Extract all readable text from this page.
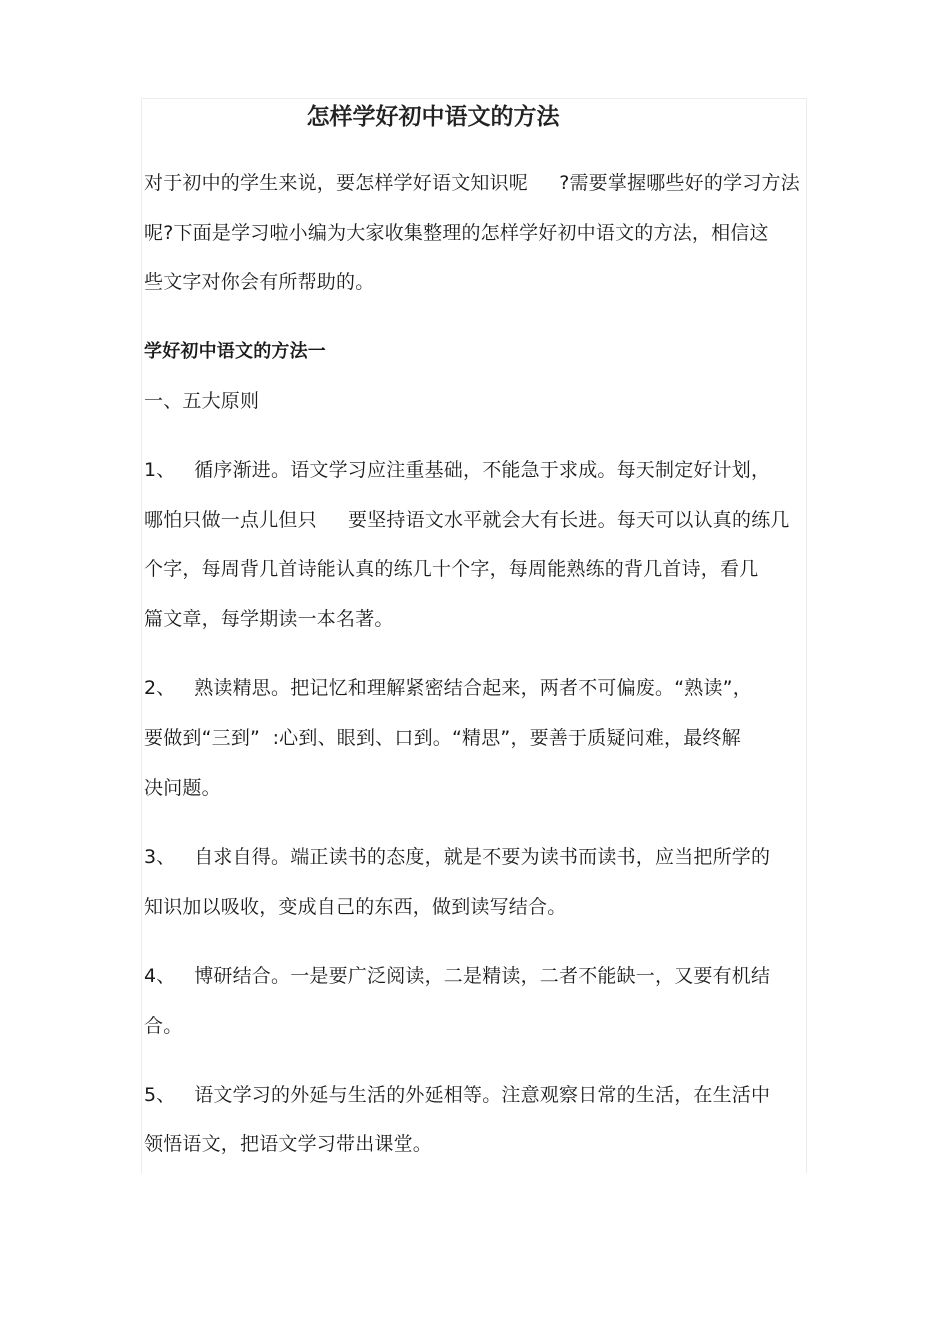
怎样学好初中语文的方法
对于初中的学生来说，要怎样学好语文知识呢     ?需要掌握哪些好的学习方法
呢?下面是学习啦小编为大家收集整理的怎样学好初中语文的方法，相信这
些文字对你会有所帮助的。
学好初中语文的方法一
一、五大原则
1、   循序渐进。语文学习应注重基础，不能急于求成。每天制定好计划，
哪怕只做一点儿但只     要坚持语文水平就会大有长进。每天可以认真的练几
个字，每周背几首诗能认真的练几十个字，每周能熟练的背几首诗，看几
篇文章，每学期读一本名著。
2、   熟读精思。把记忆和理解紧密结合起来，两者不可偏废。“熟读”，
要做到“三到”  :心到、眼到、口到。“精思”，要善于质疑问难，最终解
决问题。
3、   自求自得。端正读书的态度，就是不要为读书而读书，应当把所学的
知识加以吸收，变成自己的东西，做到读写结合。
4、   博研结合。一是要广泛阅读，二是精读，二者不能缺一，又要有机结
合。
5、   语文学习的外延与生活的外延相等。注意观察日常的生活，在生活中
领悟语文，把语文学习带出课堂。
